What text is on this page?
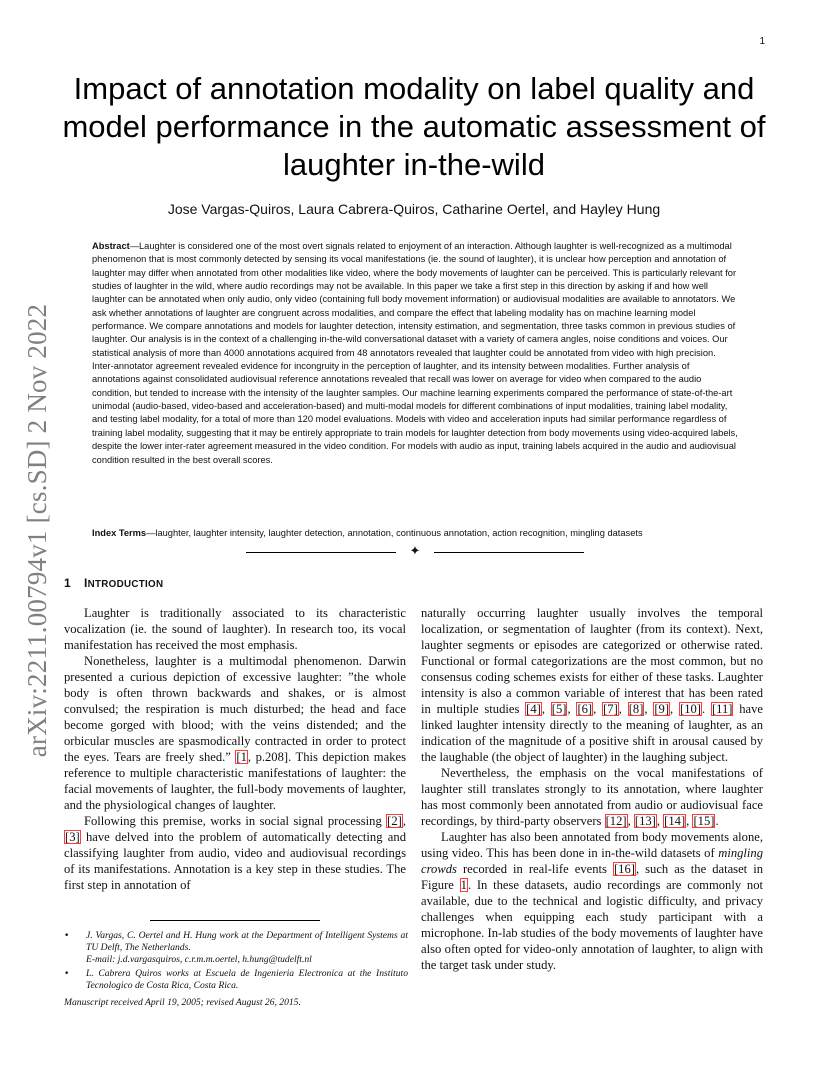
1
arXiv:2211.00794v1 [cs.SD] 2 Nov 2022
Impact of annotation modality on label quality and model performance in the automatic assessment of laughter in-the-wild
Jose Vargas-Quiros, Laura Cabrera-Quiros, Catharine Oertel, and Hayley Hung

Abstract—Laughter is considered one of the most overt signals related to enjoyment of an interaction. Although laughter is well-recognized as a multimodal phenomenon that is most commonly detected by sensing its vocal manifestations (ie. the sound of laughter), it is unclear how perception and annotation of laughter may differ when annotated from other modalities like video, where the body movements of laughter can be perceived. This is particularly relevant for studies of laughter in the wild, where audio recordings may not be available. In this paper we take a first step in this direction by asking if and how well laughter can be annotated when only audio, only video (containing full body movement information) or audiovisual modalities are available to annotators. We ask whether annotations of laughter are congruent across modalities, and compare the effect that labeling modality has on machine learning model performance. We compare annotations and models for laughter detection, intensity estimation, and segmentation, three tasks common in previous studies of laughter. Our analysis is in the context of a challenging in-the-wild conversational dataset with a variety of camera angles, noise conditions and voices. Our statistical analysis of more than 4000 annotations acquired from 48 annotators revealed that laughter could be annotated from video with high precision. Inter-annotator agreement revealed evidence for incongruity in the perception of laughter, and its intensity between modalities. Further analysis of annotations against consolidated audiovisual reference annotations revealed that recall was lower on average for video when compared to the audio condition, but tended to increase with the intensity of the laughter samples. Our machine learning experiments compared the performance of state-of-the-art unimodal (audio-based, video-based and acceleration-based) and multi-modal models for different combinations of input modalities, training label modality, and testing label modality, for a total of more than 120 model evaluations. Models with video and acceleration inputs had similar performance regardless of training label modality, suggesting that it may be entirely appropriate to train models for laughter detection from body movements using video-acquired labels, despite the lower inter-rater agreement measured in the video condition. For models with audio as input, training labels acquired in the audio and audiovisual condition resulted in the best overall scores.

Index Terms—laughter, laughter intensity, laughter detection, annotation, continuous annotation, action recognition, mingling datasets

✦
1 INTRODUCTION

Laughter is traditionally associated to its characteristic vocalization (ie. the sound of laughter). In research too, its vocal manifestation has received the most emphasis.

Nonetheless, laughter is a multimodal phenomenon. Darwin presented a curious depiction of excessive laughter: ”the whole body is often thrown backwards and shakes, or is almost convulsed; the respiration is much disturbed; the head and face become gorged with blood; with the veins distended; and the orbicular muscles are spasmodically contracted in order to protect the eyes. Tears are freely shed.” [1, p.208]. This depiction makes reference to multiple characteristic manifestations of laughter: the facial movements of laughter, the full-body movements of laughter, and the physiological changes of laughter.

Following this premise, works in social signal processing [2], [3] have delved into the problem of automatically detecting and classifying laughter from audio, video and audiovisual recordings of its manifestations. Annotation is a key step in these studies. The first step in annotation of

• J. Vargas, C. Oertel and H. Hung work at the Department of Intelligent Systems at TU Delft, The Netherlands.
E-mail: j.d.vargasquiros, c.r.m.m.oertel, h.hung@tudelft.nl
• L. Cabrera Quiros works at Escuela de Ingenieria Electronica at the Instituto Tecnologico de Costa Rica, Costa Rica.
Manuscript received April 19, 2005; revised August 26, 2015.

naturally occurring laughter usually involves the temporal localization, or segmentation of laughter (from its context). Next, laughter segments or episodes are categorized or otherwise rated. Functional or formal categorizations are the most common, but no consensus coding schemes exists for either of these tasks. Laughter intensity is also a common variable of interest that has been rated in multiple studies [4], [5], [6], [7], [8], [9], [10]. [11] have linked laughter intensity directly to the meaning of laughter, as an indication of the magnitude of a positive shift in arousal caused by the laughable (the object of laughter) in the laughing subject.

Nevertheless, the emphasis on the vocal manifestations of laughter still translates strongly to its annotation, where laughter has most commonly been annotated from audio or audiovisual face recordings, by third-party observers [12], [13], [14], [15].

Laughter has also been annotated from body movements alone, using video. This has been done in in-the-wild datasets of mingling crowds recorded in real-life events [16], such as the dataset in Figure 1. In these datasets, audio recordings are commonly not available, due to the technical and logistic difficulty, and privacy challenges when equipping each study participant with a microphone. In-lab studies of the body movements of laughter have also often opted for video-only annotation of laughter, to align with the target task under study.
